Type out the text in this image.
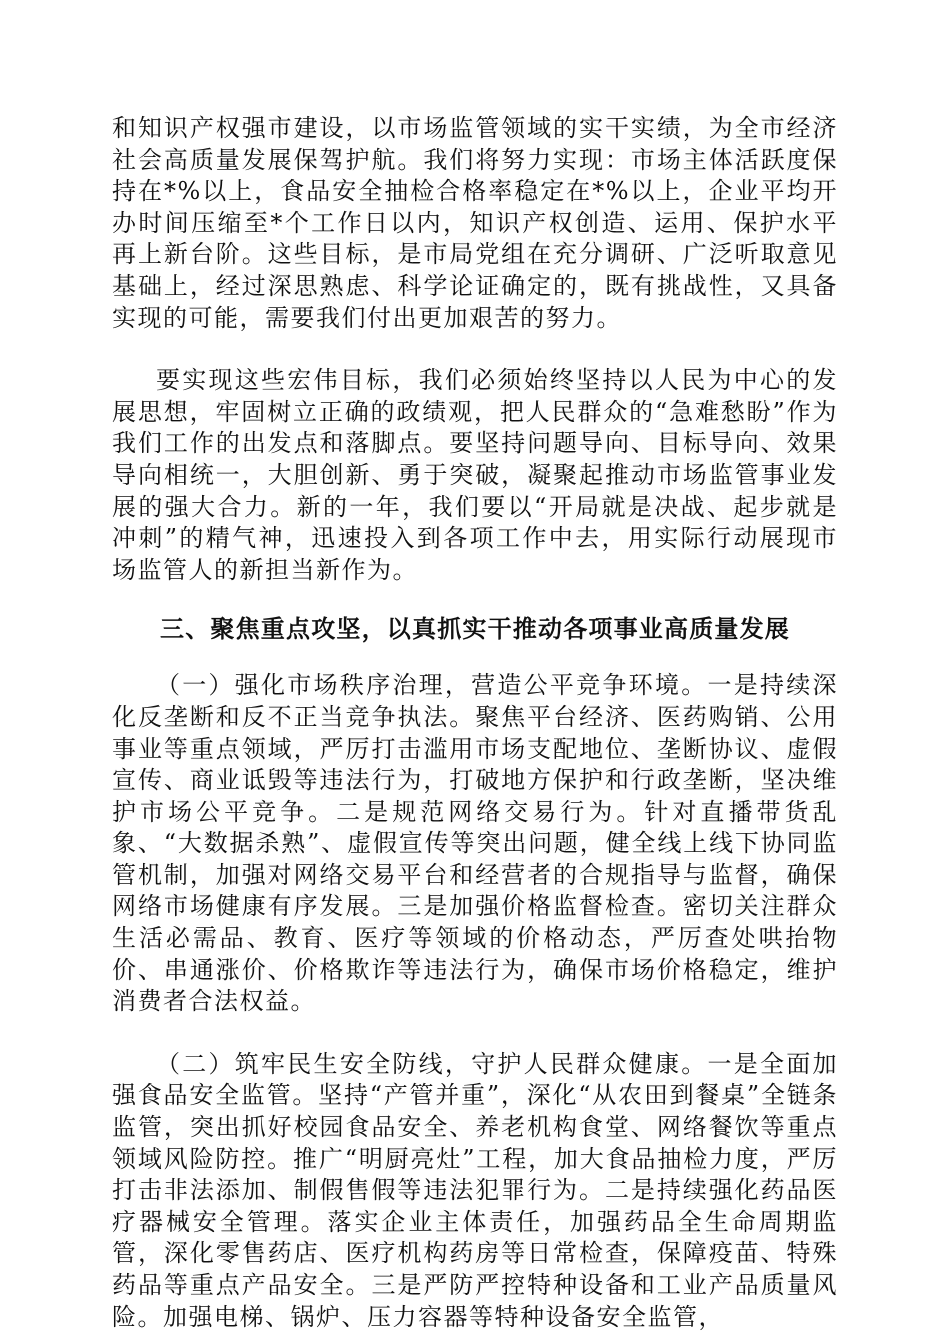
和知识产权强市建设，以市场监管领域的实干实绩，为全市经济社会高质量发展保驾护航。我们将努力实现：市场主体活跃度保持在*%以上，食品安全抽检合格率稳定在*%以上，企业平均开办时间压缩至*个工作日以内，知识产权创造、运用、保护水平再上新台阶。这些目标，是市局党组在充分调研、广泛听取意见基础上，经过深思熟虑、科学论证确定的，既有挑战性，又具备实现的可能，需要我们付出更加艰苦的努力。

要实现这些宏伟目标，我们必须始终坚持以人民为中心的发展思想，牢固树立正确的政绩观，把人民群众的“急难愁盼”作为我们工作的出发点和落脚点。要坚持问题导向、目标导向、效果导向相统一，大胆创新、勇于突破，凝聚起推动市场监管事业发展的强大合力。新的一年，我们要以“开局就是决战、起步就是冲刺”的精气神，迅速投入到各项工作中去，用实际行动展现市场监管人的新担当新作为。

三、聚焦重点攻坚，以真抓实干推动各项事业高质量发展

（一）强化市场秩序治理，营造公平竞争环境。一是持续深化反垄断和反不正当竞争执法。聚焦平台经济、医药购销、公用事业等重点领域，严厉打击滥用市场支配地位、垄断协议、虚假宣传、商业诋毁等违法行为，打破地方保护和行政垄断，坚决维护市场公平竞争。二是规范网络交易行为。针对直播带货乱象、“大数据杀熟”、虚假宣传等突出问题，健全线上线下协同监管机制，加强对网络交易平台和经营者的合规指导与监督，确保网络市场健康有序发展。三是加强价格监督检查。密切关注群众生活必需品、教育、医疗等领域的价格动态，严厉查处哄抬物价、串通涨价、价格欺诈等违法行为，确保市场价格稳定，维护消费者合法权益。

（二）筑牢民生安全防线，守护人民群众健康。一是全面加强食品安全监管。坚持“产管并重”，深化“从农田到餐桌”全链条监管，突出抓好校园食品安全、养老机构食堂、网络餐饮等重点领域风险防控。推广“明厨亮灶”工程，加大食品抽检力度，严厉打击非法添加、制假售假等违法犯罪行为。二是持续强化药品医疗器械安全管理。落实企业主体责任，加强药品全生命周期监管，深化零售药店、医疗机构药房等日常检查，保障疫苗、特殊药品等重点产品安全。三是严防严控特种设备和工业产品质量风险。加强电梯、锅炉、压力容器等特种设备安全监管，
